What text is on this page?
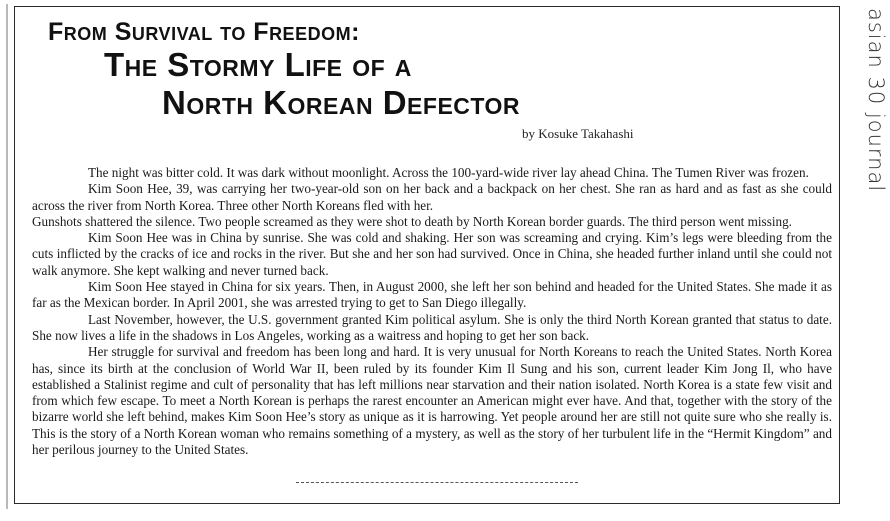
asian 30 journal
From Survival to Freedom:
The Stormy Life of a
North Korean Defector
by Kosuke Takahashi

The night was bitter cold. It was dark without moonlight. Across the 100-yard-wide river lay ahead China. The Tumen River was frozen.

Kim Soon Hee, 39, was carrying her two-year-old son on her back and a backpack on her chest. She ran as hard and as fast as she could across the river from North Korea. Three other North Koreans fled with her.

Gunshots shattered the silence. Two people screamed as they were shot to death by North Korean border guards. The third person went missing.

Kim Soon Hee was in China by sunrise. She was cold and shaking. Her son was screaming and crying. Kim’s legs were bleeding from the cuts inflicted by the cracks of ice and rocks in the river. But she and her son had survived. Once in China, she headed further inland until she could not walk anymore. She kept walking and never turned back.

Kim Soon Hee stayed in China for six years. Then, in August 2000, she left her son behind and headed for the United States. She made it as far as the Mexican border. In April 2001, she was arrested trying to get to San Diego illegally.

Last November, however, the U.S. government granted Kim political asylum. She is only the third North Korean granted that status to date. She now lives a life in the shadows in Los Angeles, working as a waitress and hoping to get her son back.

Her struggle for survival and freedom has been long and hard. It is very unusual for North Koreans to reach the United States. North Korea has, since its birth at the conclusion of World War II, been ruled by its founder Kim Il Sung and his son, current leader Kim Jong Il, who have established a Stalinist regime and cult of personality that has left millions near starvation and their nation isolated. North Korea is a state few visit and from which few escape. To meet a North Korean is perhaps the rarest encounter an American might ever have. And that, together with the story of the bizarre world she left behind, makes Kim Soon Hee’s story as unique as it is harrowing. Yet people around her are still not quite sure who she really is. This is the story of a North Korean woman who remains something of a mystery, as well as the story of her turbulent life in the “Hermit Kingdom” and her perilous journey to the United States.
